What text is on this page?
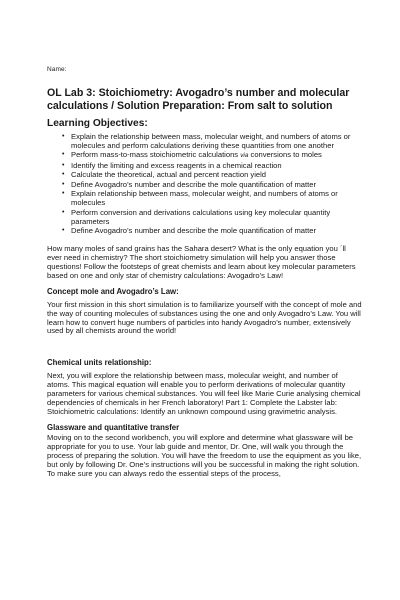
Name:
OL Lab 3: Stoichiometry: Avogadro’s number and molecular calculations / Solution Preparation: From salt to solution
Learning Objectives:
• Explain the relationship between mass, molecular weight, and numbers of atoms or molecules and perform calculations deriving these quantities from one another
• Perform mass-to-mass stoichiometric calculations via conversions to moles
• Identify the limiting and excess reagents in a chemical reaction
• Calculate the theoretical, actual and percent reaction yield
• Define Avogadro’s number and describe the mole quantification of matter
• Explain relationship between mass, molecular weight, and numbers of atoms or molecules
• Perform conversion and derivations calculations using key molecular quantity parameters
• Define Avogadro’s number and describe the mole quantification of matter

How many moles of sand grains has the Sahara desert? What is the only equation you ´ll ever need in chemistry? The short stoichiometry simulation will help you answer those questions! Follow the footsteps of great chemists and learn about key molecular parameters based on one and only star of chemistry calculations: Avogadro’s Law!

Concept mole and Avogadro’s Law:

Your first mission in this short simulation is to familiarize yourself with the concept of mole and the way of counting molecules of substances using the one and only Avogadro’s Law. You will learn how to convert huge numbers of particles into handy Avogadro’s number, extensively used by all chemists around the world!

Chemical units relationship:

Next, you will explore the relationship between mass, molecular weight, and number of atoms. This magical equation will enable you to perform derivations of molecular quantity parameters for various chemical substances. You will feel like Marie Curie analysing chemical dependencies of chemicals in her French laboratory! Part 1: Complete the Labster lab: Stoichiometric calculations: Identify an unknown compound using gravimetric analysis.

Glassware and quantitative transfer

Moving on to the second workbench, you will explore and determine what glassware will be appropriate for you to use. Your lab guide and mentor, Dr. One, will walk you through the process of preparing the solution. You will have the freedom to use the equipment as you like, but only by following Dr. One’s instructions will you be successful in making the right solution. To make sure you can always redo the essential steps of the process,
